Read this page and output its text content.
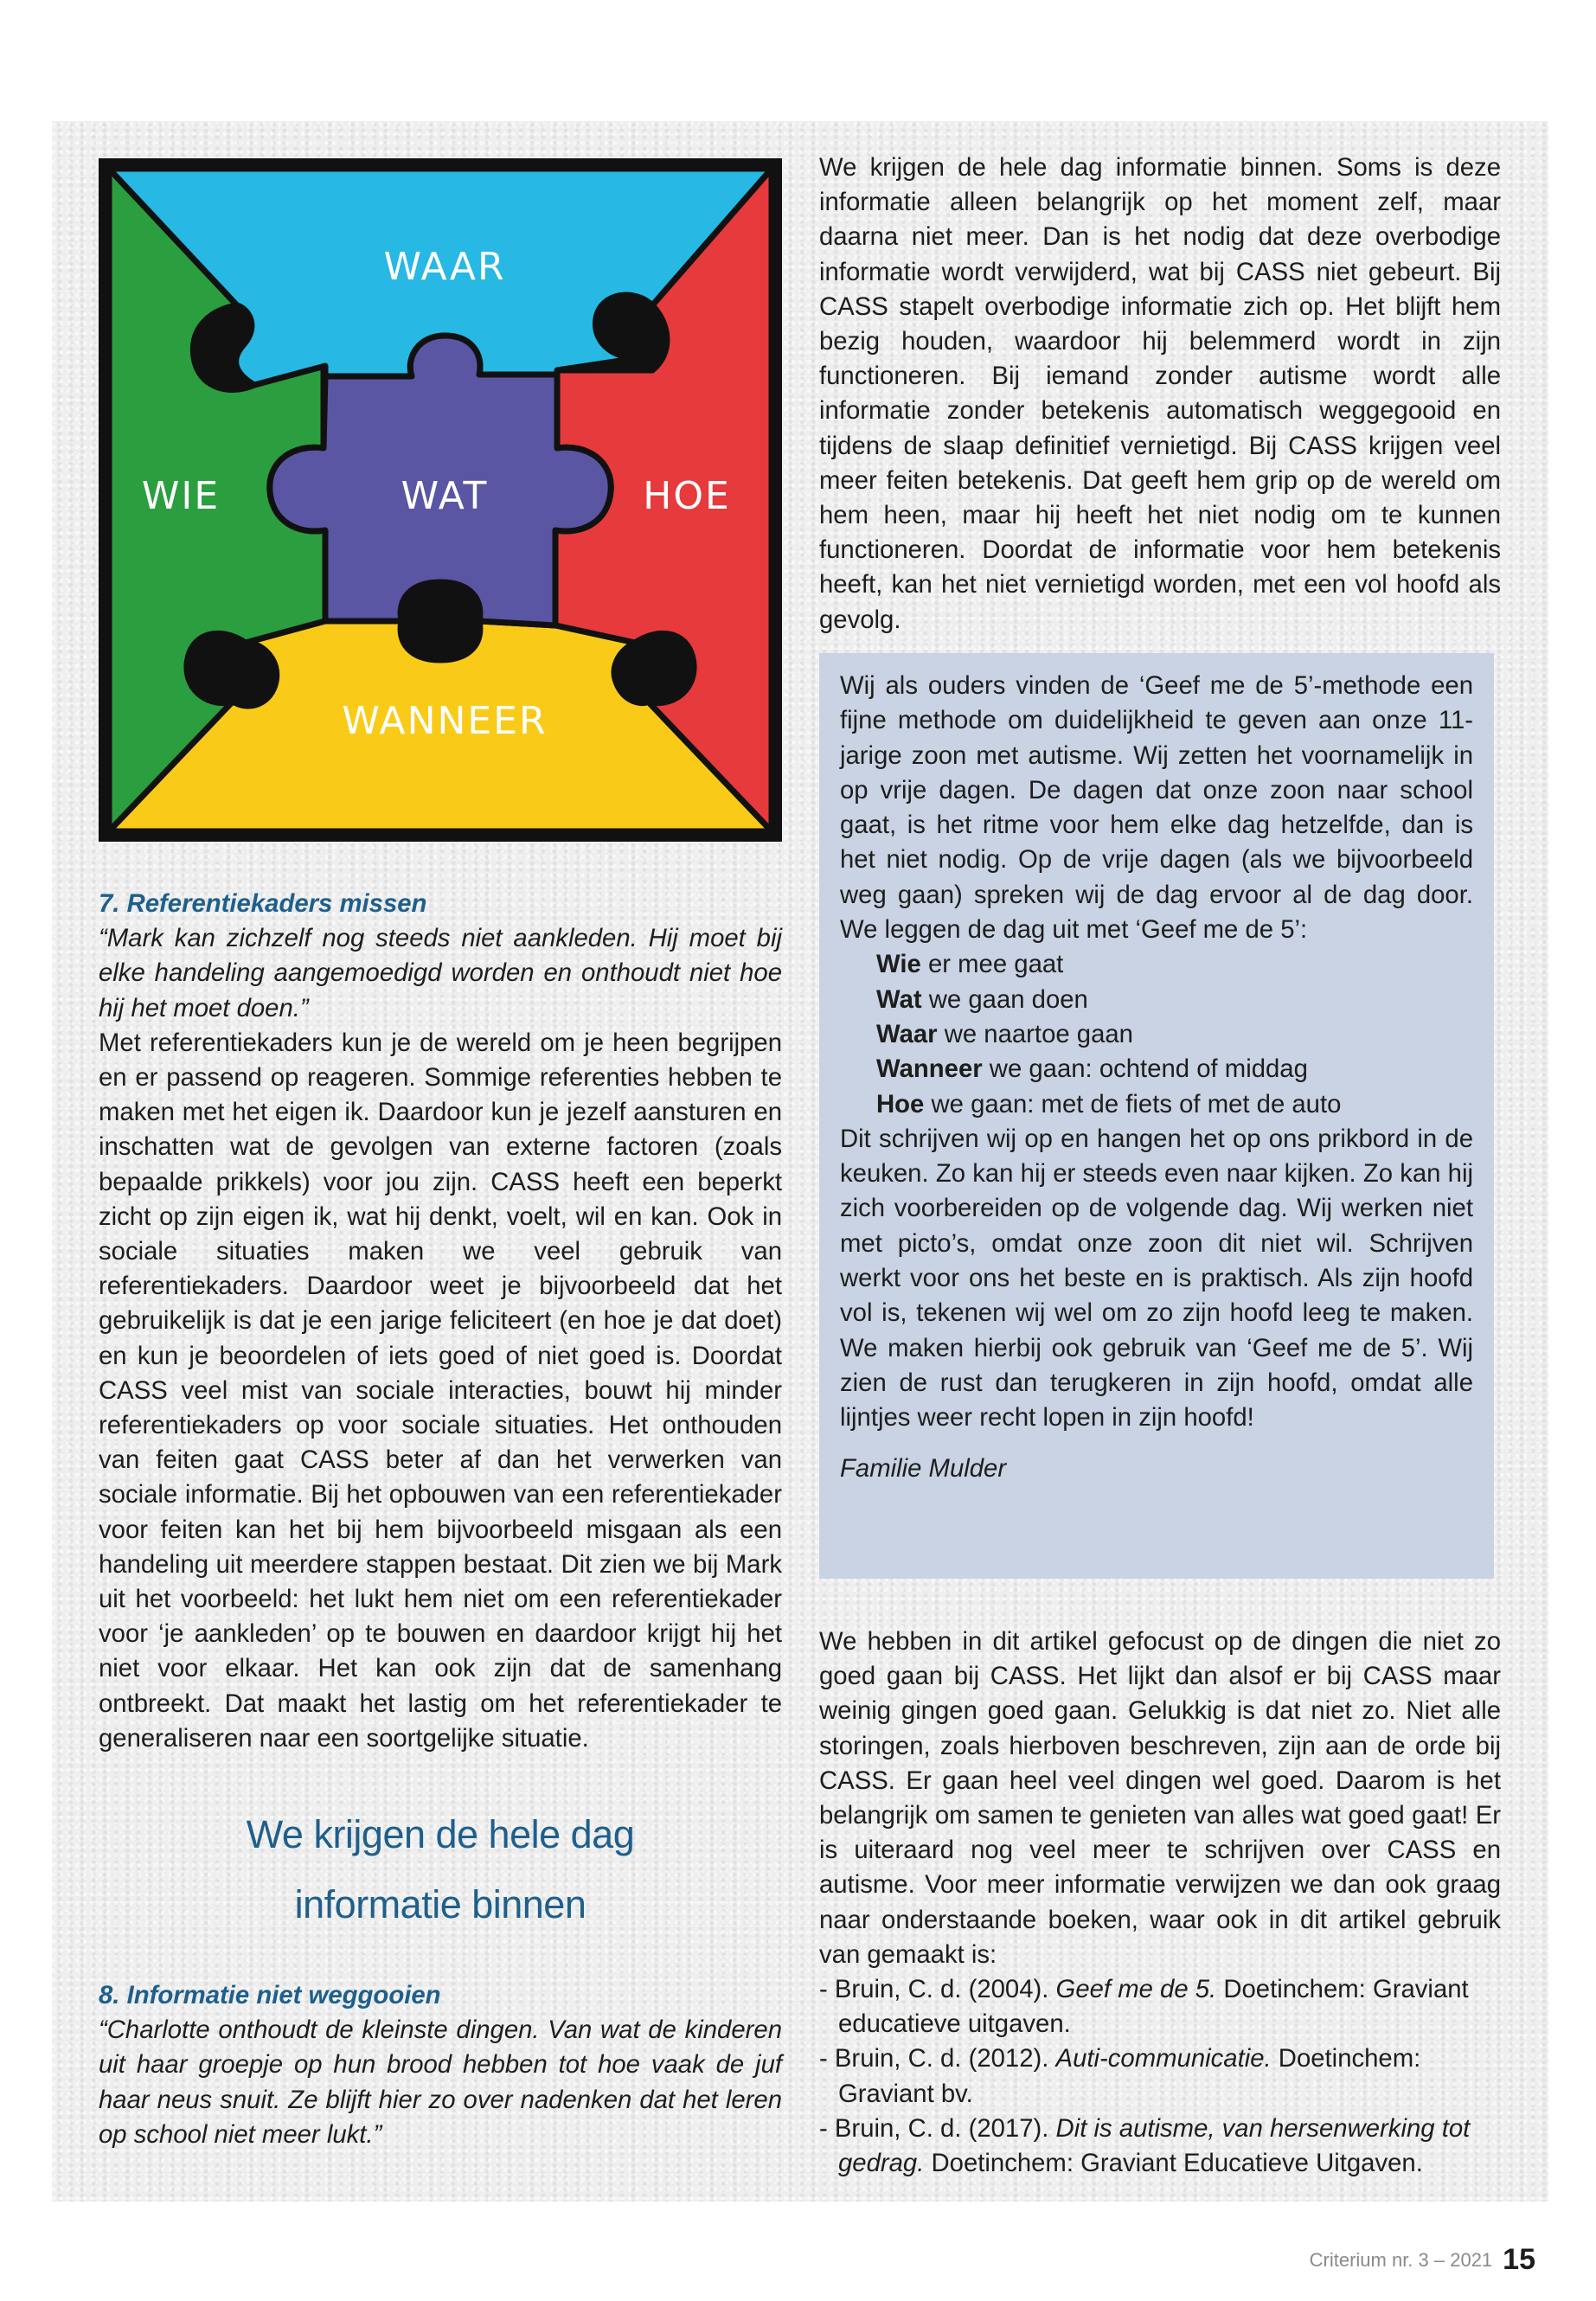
WAAR
WIE	WAT	HOE
WANNEER

7. Referentiekaders missen

“Mark kan zichzelf nog steeds niet aankleden. Hij moet bij elke handeling aangemoedigd worden en onthoudt niet hoe hij het moet doen.”

Met referentiekaders kun je de wereld om je heen begrijpen en er passend op reageren. Sommige referenties hebben te maken met het eigen ik. Daardoor kun je jezelf aansturen en inschatten wat de gevolgen van externe factoren (zoals bepaalde prikkels) voor jou zijn. CASS heeft een beperkt zicht op zijn eigen ik, wat hij denkt, voelt, wil en kan. Ook in sociale situaties maken we veel gebruik van referentiekaders. Daardoor weet je bijvoorbeeld dat het gebruikelijk is dat je een jarige feliciteert (en hoe je dat doet) en kun je beoordelen of iets goed of niet goed is. Doordat CASS veel mist van sociale interacties, bouwt hij minder referentiekaders op voor sociale situaties. Het onthouden van feiten gaat CASS beter af dan het verwerken van sociale informatie. Bij het opbouwen van een referentiekader voor feiten kan het bij hem bijvoorbeeld misgaan als een handeling uit meerdere stappen bestaat. Dit zien we bij Mark uit het voorbeeld: het lukt hem niet om een referentiekader voor ‘je aankleden’ op te bouwen en daardoor krijgt hij het niet voor elkaar. Het kan ook zijn dat de samenhang ontbreekt. Dat maakt het lastig om het referentiekader te generaliseren naar een soortgelijke situatie.

We krijgen de hele dag
informatie binnen

8. Informatie niet weggooien

“Charlotte onthoudt de kleinste dingen. Van wat de kinderen uit haar groepje op hun brood hebben tot hoe vaak de juf haar neus snuit. Ze blijft hier zo over nadenken dat het leren op school niet meer lukt.”

We krijgen de hele dag informatie binnen. Soms is deze informatie alleen belangrijk op het moment zelf, maar daarna niet meer. Dan is het nodig dat deze overbodige informatie wordt verwijderd, wat bij CASS niet gebeurt. Bij CASS stapelt overbodige informatie zich op. Het blijft hem bezig houden, waardoor hij belemmerd wordt in zijn functioneren. Bij iemand zonder autisme wordt alle informatie zonder betekenis automatisch weggegooid en tijdens de slaap definitief vernietigd. Bij CASS krijgen veel meer feiten betekenis. Dat geeft hem grip op de wereld om hem heen, maar hij heeft het niet nodig om te kunnen functioneren. Doordat de informatie voor hem betekenis heeft, kan het niet vernietigd worden, met een vol hoofd als gevolg.

Wij als ouders vinden de ‘Geef me de 5’-methode een fijne methode om duidelijkheid te geven aan onze 11-jarige zoon met autisme. Wij zetten het voornamelijk in op vrije dagen. De dagen dat onze zoon naar school gaat, is het ritme voor hem elke dag hetzelfde, dan is het niet nodig. Op de vrije dagen (als we bijvoorbeeld weg gaan) spreken wij de dag ervoor al de dag door. We leggen de dag uit met ‘Geef me de 5’:

Wie er mee gaat
Wat we gaan doen
Waar we naartoe gaan
Wanneer we gaan: ochtend of middag
Hoe we gaan: met de fiets of met de auto

Dit schrijven wij op en hangen het op ons prikbord in de keuken. Zo kan hij er steeds even naar kijken. Zo kan hij zich voorbereiden op de volgende dag. Wij werken niet met picto’s, omdat onze zoon dit niet wil. Schrijven werkt voor ons het beste en is praktisch. Als zijn hoofd vol is, tekenen wij wel om zo zijn hoofd leeg te maken. We maken hierbij ook gebruik van ‘Geef me de 5’. Wij zien de rust dan terugkeren in zijn hoofd, omdat alle lijntjes weer recht lopen in zijn hoofd!

Familie Mulder

We hebben in dit artikel gefocust op de dingen die niet zo goed gaan bij CASS. Het lijkt dan alsof er bij CASS maar weinig gingen goed gaan. Gelukkig is dat niet zo. Niet alle storingen, zoals hierboven beschreven, zijn aan de orde bij CASS. Er gaan heel veel dingen wel goed. Daarom is het belangrijk om samen te genieten van alles wat goed gaat! Er is uiteraard nog veel meer te schrijven over CASS en autisme. Voor meer informatie verwijzen we dan ook graag naar onderstaande boeken, waar ook in dit artikel gebruik van gemaakt is:

- Bruin, C. d. (2004). Geef me de 5. Doetinchem: Graviant educatieve uitgaven.
- Bruin, C. d. (2012). Auti-communicatie. Doetinchem: Graviant bv.
- Bruin, C. d. (2017). Dit is autisme, van hersenwerking tot gedrag. Doetinchem: Graviant Educatieve Uitgaven.
Criterium nr. 3 – 2021 15
